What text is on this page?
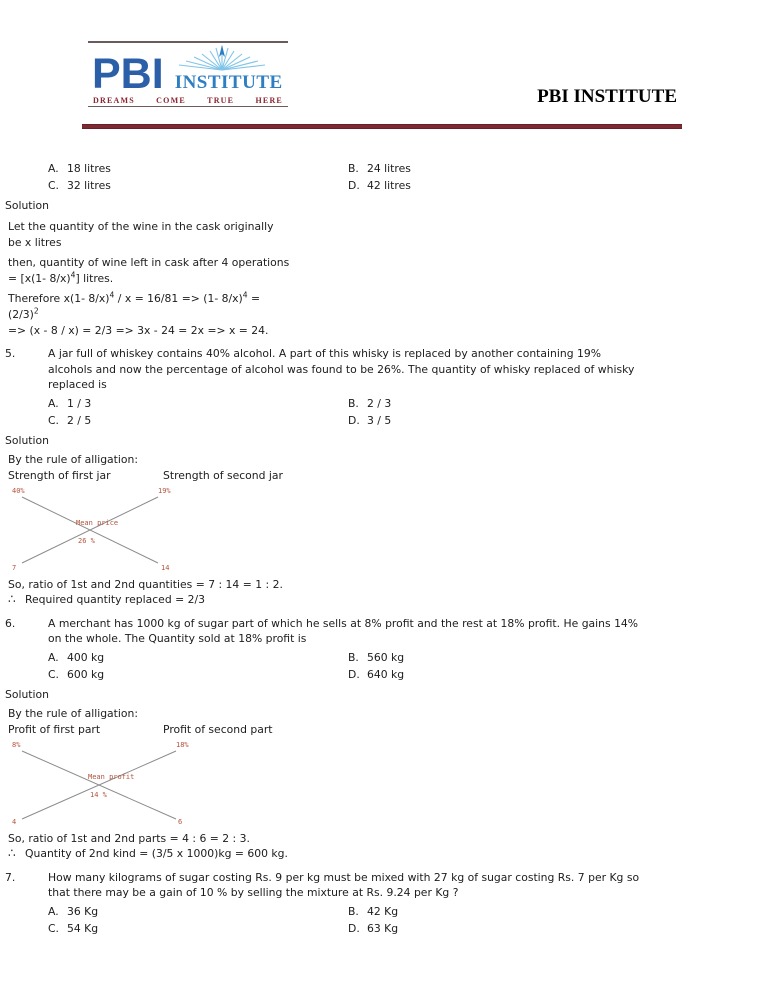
PBI INSTITUTE
DREAMS	COME	TRUE	HERE	PBI INSTITUTE
A. 18 litres	B. 24 litres
C. 32 litres	D. 42 litres
Solution
Let the quantity of the wine in the cask originally
be x litres
then, quantity of wine left in cask after 4 operations
= [x(1- 8/x)$^4$] litres.
Therefore x(1- 8/x)$^4$ / x = 16/81 => (1- 8/x)$^4$ =
$(2/3)^2$
=> (x - 8 / x) = 2/3 => 3x - 24 = 2x => x = 24.
5.	A jar full of whiskey contains 40% alcohol. A part of this whisky is replaced by another containing 19% alcohols and now the percentage of alcohol was found to be 26%. The quantity of whisky replaced of whisky replaced is
A. 1 / 3	B. 2 / 3
C. 2 / 5	D. 3 / 5
Solution
By the rule of alligation:
Strength of first jar	Strength of second jar
40%	19%
Mean price
26 %
7	14
So, ratio of 1st and 2nd quantities = 7 : 14 = 1 : 2.
∴ Required quantity replaced = 2/3
6.	A merchant has 1000 kg of sugar part of which he sells at 8% profit and the rest at 18% profit. He gains 14% on the whole. The Quantity sold at 18% profit is
A. 400 kg	B. 560 kg
C. 600 kg	D. 640 kg
Solution
By the rule of alligation:
Profit of first part	Profit of second part
8%	18%
Mean profit
14 %
4	6
So, ratio of 1st and 2nd parts = 4 : 6 = 2 : 3.
∴ Quantity of 2nd kind = (3/5 x 1000)kg = 600 kg.
7.	How many kilograms of sugar costing Rs. 9 per kg must be mixed with 27 kg of sugar costing Rs. 7 per Kg so that there may be a gain of 10 % by selling the mixture at Rs. 9.24 per Kg ?
A. 36 Kg	B. 42 Kg
C. 54 Kg	D. 63 Kg
